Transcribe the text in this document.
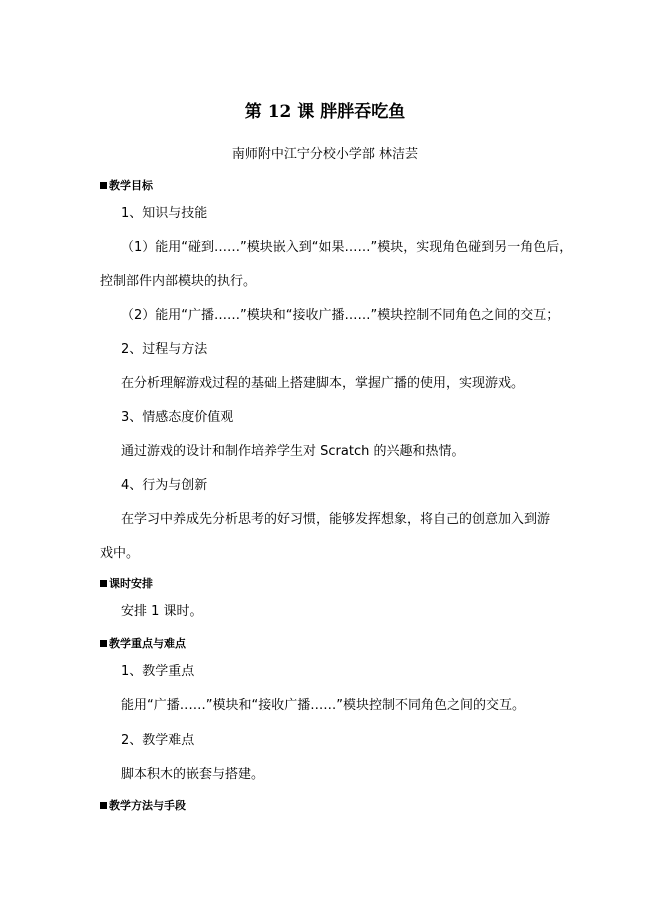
第 12 课 胖胖吞吃鱼
南师附中江宁分校小学部 林洁芸
教学目标
1、知识与技能
（1）能用“碰到……”模块嵌入到“如果……”模块，实现角色碰到另一角色后，
控制部件内部模块的执行。
（2）能用“广播……”模块和“接收广播……”模块控制不同角色之间的交互；
2、过程与方法
在分析理解游戏过程的基础上搭建脚本，掌握广播的使用，实现游戏。
3、情感态度价值观
通过游戏的设计和制作培养学生对 Scratch 的兴趣和热情。
4、行为与创新
在学习中养成先分析思考的好习惯，能够发挥想象，将自己的创意加入到游
戏中。
课时安排
安排 1 课时。
教学重点与难点
1、教学重点
能用“广播……”模块和“接收广播……”模块控制不同角色之间的交互。
2、教学难点
脚本积木的嵌套与搭建。
教学方法与手段
